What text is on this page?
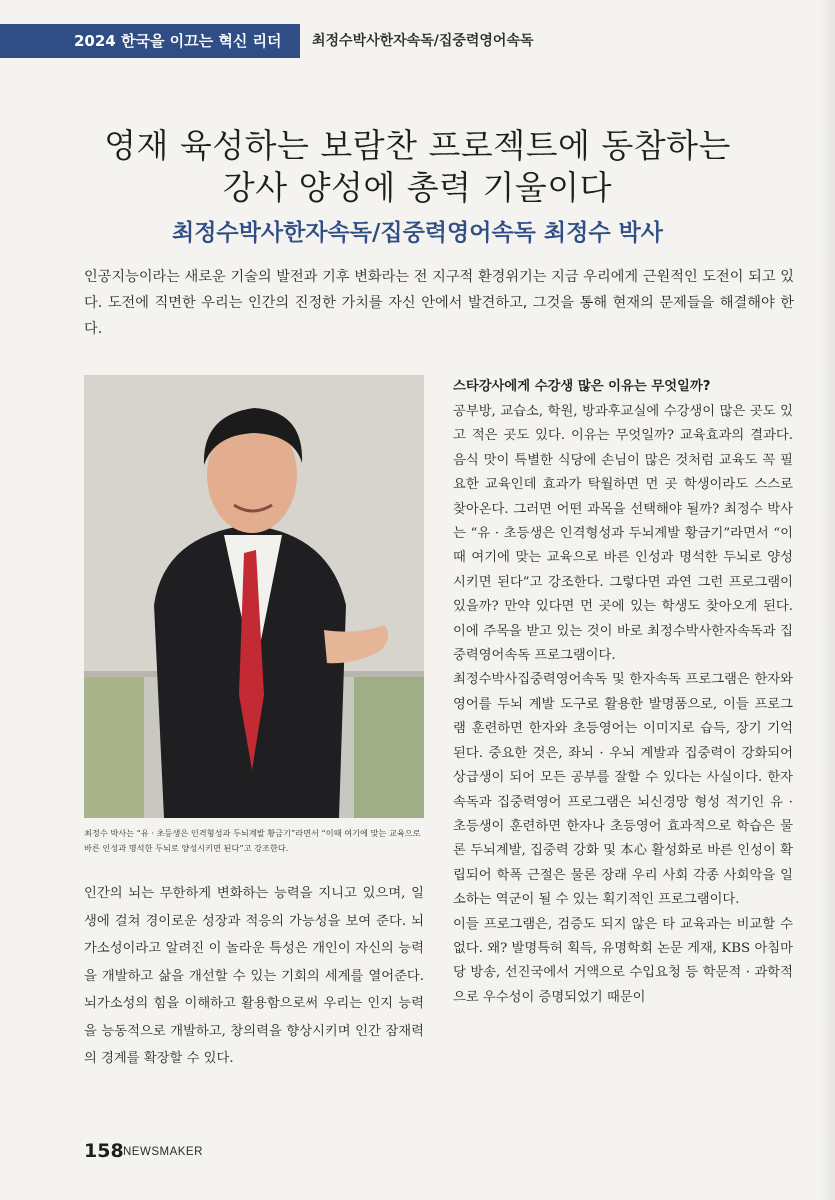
2024 한국을 이끄는 혁신 리더	최정수박사한자속독/집중력영어속독
영재 육성하는 보람찬 프로젝트에 동참하는
강사 양성에 총력 기울이다
최정수박사한자속독/집중력영어속독 최정수 박사
인공지능이라는 새로운 기술의 발전과 기후 변화라는 전 지구적 환경위기는 지금 우리에게 근원적인 도전이 되고 있다. 도전에 직면한 우리는 인간의 진정한 가치를 자신 안에서 발견하고, 그것을 통해 현재의 문제들을 해결해야 한다.
최정수 박사는 “유 · 초등생은 인격형성과 두뇌계발 황금기”라면서 “이때 여기에 맞는 교육으로 바른 인성과 명석한 두뇌로 양성시키면 된다”고 강조한다.
인간의 뇌는 무한하게 변화하는 능력을 지니고 있으며, 일생에 걸쳐 경이로운 성장과 적응의 가능성을 보여 준다. 뇌가소성이라고 알려진 이 놀라운 특성은 개인이 자신의 능력을 개발하고 삶을 개선할 수 있는 기회의 세계를 열어준다. 뇌가소성의 힘을 이해하고 활용함으로써 우리는 인지 능력을 능동적으로 개발하고, 창의력을 향상시키며 인간 잠재력의 경계를 확장할 수 있다.
스타강사에게 수강생 많은 이유는 무엇일까?

공부방, 교습소, 학원, 방과후교실에 수강생이 많은 곳도 있고 적은 곳도 있다. 이유는 무엇일까? 교육효과의 결과다. 음식 맛이 특별한 식당에 손님이 많은 것처럼 교육도 꼭 필요한 교육인데 효과가 탁월하면 먼 곳 학생이라도 스스로 찾아온다. 그러면 어떤 과목을 선택해야 될까? 최정수 박사는 “유 · 초등생은 인격형성과 두뇌계발 황금기”라면서 “이때 여기에 맞는 교육으로 바른 인성과 명석한 두뇌로 양성시키면 된다”고 강조한다. 그렇다면 과연 그런 프로그램이 있을까? 만약 있다면 먼 곳에 있는 학생도 찾아오게 된다. 이에 주목을 받고 있는 것이 바로 최정수박사한자속독과 집중력영어속독 프로그램이다.

최정수박사집중력영어속독 및 한자속독 프로그램은 한자와 영어를 두뇌 계발 도구로 활용한 발명품으로, 이들 프로그램 훈련하면 한자와 초등영어는 이미지로 습득, 장기 기억된다. 중요한 것은, 좌뇌 · 우뇌 계발과 집중력이 강화되어 상급생이 되어 모든 공부를 잘할 수 있다는 사실이다. 한자속독과 집중력영어 프로그램은 뇌신경망 형성 적기인 유 · 초등생이 훈련하면 한자나 초등영어 효과적으로 학습은 물론 두뇌계발, 집중력 강화 및 本心 활성화로 바른 인성이 확립되어 학폭 근절은 물론 장래 우리 사회 각종 사회악을 일소하는 역군이 될 수 있는 획기적인 프로그램이다.

이들 프로그램은, 검증도 되지 않은 타 교육과는 비교할 수 없다. 왜? 발명특허 획득, 유명학회 논문 게재, KBS 아침마당 방송, 선진국에서 거액으로 수입요청 등 학문적 · 과학적으로 우수성이 증명되었기 때문이

158 NEWSMAKER
